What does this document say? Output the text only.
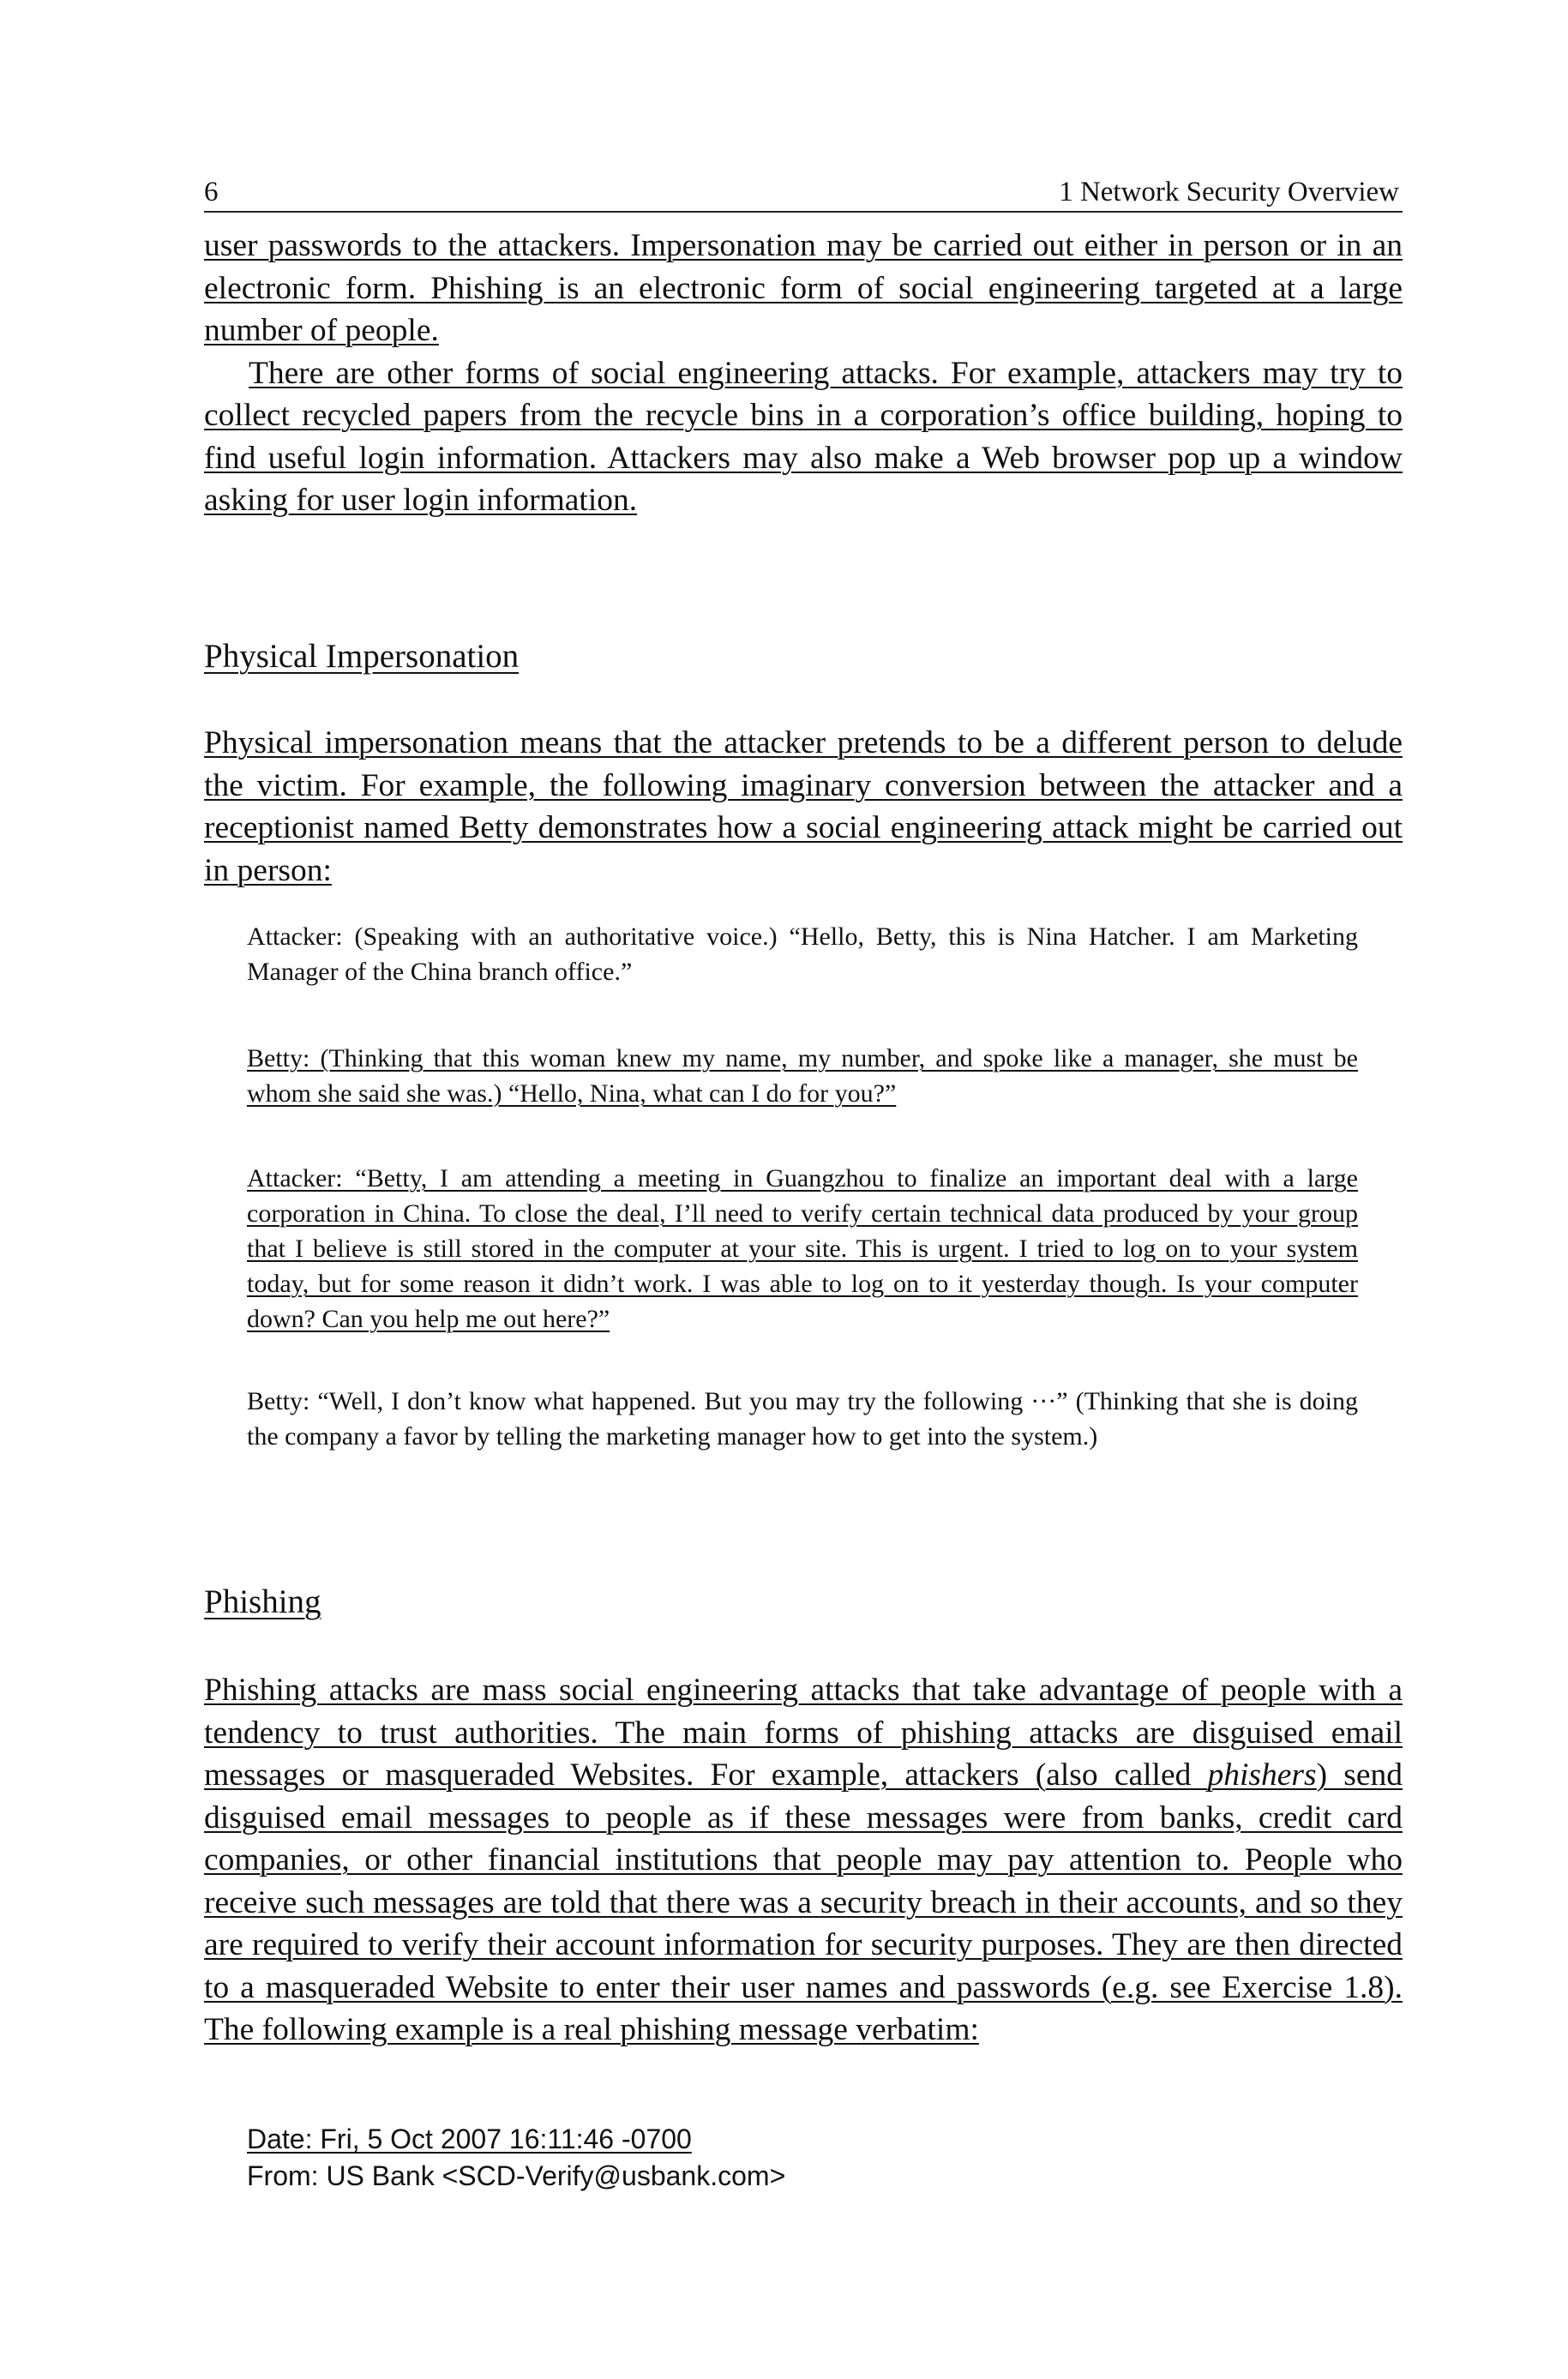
6	1 Network Security Overview

user passwords to the attackers. Impersonation may be carried out either in person or in an electronic form. Phishing is an electronic form of social engineering targeted at a large number of people.

There are other forms of social engineering attacks. For example, attackers may try to collect recycled papers from the recycle bins in a corporation’s office building, hoping to find useful login information. Attackers may also make a Web browser pop up a window asking for user login information.

Physical Impersonation

Physical impersonation means that the attacker pretends to be a different person to delude the victim. For example, the following imaginary conversion between the attacker and a receptionist named Betty demonstrates how a social engineering attack might be carried out in person:

Attacker: (Speaking with an authoritative voice.) “Hello, Betty, this is Nina Hatcher. I am Marketing Manager of the China branch office.”

Betty: (Thinking that this woman knew my name, my number, and spoke like a manager, she must be whom she said she was.) “Hello, Nina, what can I do for you?”

Attacker: “Betty, I am attending a meeting in Guangzhou to finalize an important deal with a large corporation in China. To close the deal, I’ll need to verify certain technical data produced by your group that I believe is still stored in the computer at your site. This is urgent. I tried to log on to your system today, but for some reason it didn’t work. I was able to log on to it yesterday though. Is your computer down? Can you help me out here?”

Betty: “Well, I don’t know what happened. But you may try the following ···” (Thinking that she is doing the company a favor by telling the marketing manager how to get into the system.)

Phishing

Phishing attacks are mass social engineering attacks that take advantage of people with a tendency to trust authorities. The main forms of phishing attacks are disguised email messages or masqueraded Websites. For example, attackers (also called phishers) send disguised email messages to people as if these messages were from banks, credit card companies, or other financial institutions that people may pay attention to. People who receive such messages are told that there was a security breach in their accounts, and so they are required to verify their account information for security purposes. They are then directed to a masqueraded Website to enter their user names and passwords (e.g. see Exercise 1.8). The following example is a real phishing message verbatim:

Date: Fri, 5 Oct 2007 16:11:46 -0700
From: US Bank <SCD-Verify@usbank.com>
